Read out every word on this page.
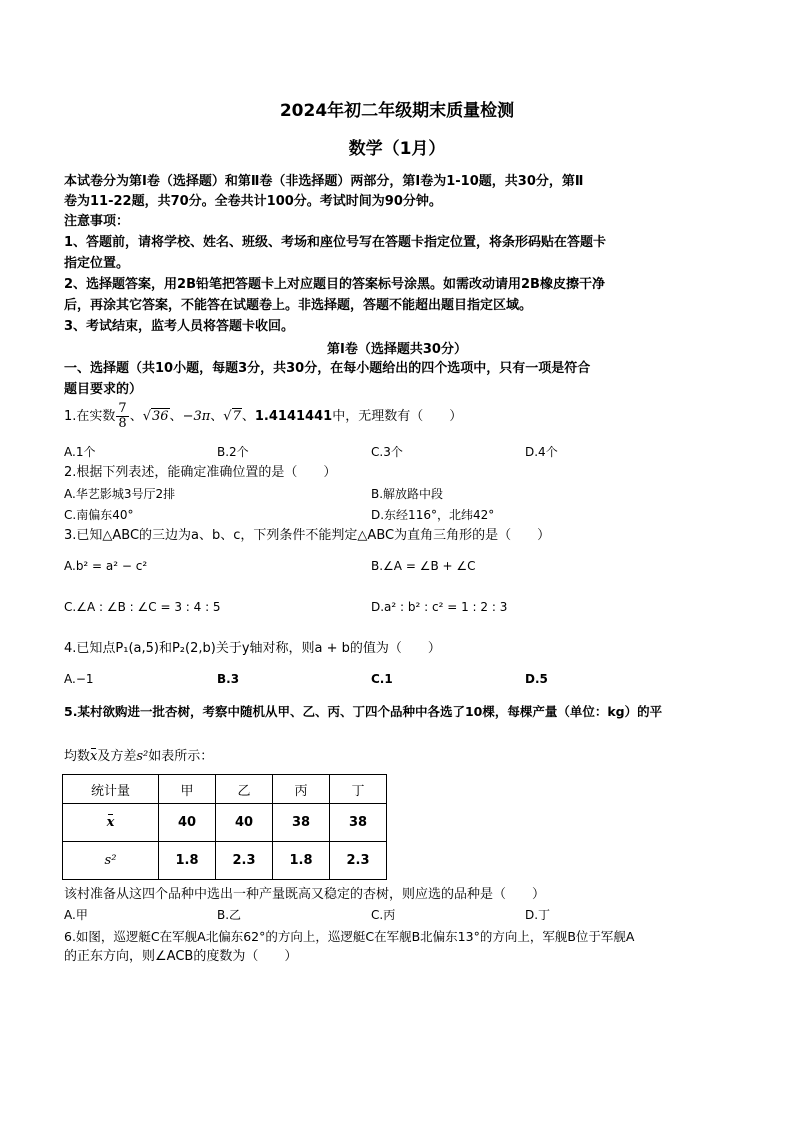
2024年初二年级期末质量检测
数学（1月）
本试卷分为第Ⅰ卷（选择题）和第Ⅱ卷（非选择题）两部分，第Ⅰ卷为1-10题，共30分，第Ⅱ
卷为11-22题，共70分。全卷共计100分。考试时间为90分钟。
注意事项：
1、答题前，请将学校、姓名、班级、考场和座位号写在答题卡指定位置，将条形码贴在答题卡
指定位置。
2、选择题答案，用2B铅笔把答题卡上对应题目的答案标号涂黑。如需改动请用2B橡皮擦干净
后，再涂其它答案，不能答在试题卷上。非选择题，答题不能超出题目指定区域。
3、考试结束，监考人员将答题卡收回。
第Ⅰ卷（选择题共30分）
一、选择题（共10小题，每题3分，共30分，在每小题给出的四个选项中，只有一项是符合
题目要求的）
1.在实数 $\frac{7}{8}$ 、√36、−3π、√7、1.4141441中，无理数有（　　）
A.1个	B.2个	C.3个	D.4个
2.根据下列表述，能确定准确位置的是（　　）
A.华艺影城3号厅2排	B.解放路中段
C.南偏东40°	D.东经116°，北纬42°
3.已知△ABC的三边为a、b、c，下列条件不能判定△ABC为直角三角形的是（　　）
A.b² = a² − c²	B.∠A = ∠B + ∠C
C.∠A : ∠B : ∠C = 3 : 4 : 5	D.a² : b² : c² = 1 : 2 : 3
4.已知点P₁(a,5)和P₂(2,b)关于y轴对称，则a + b的值为（　　）
A.−1	B.3	C.1	D.5
5.某村欲购进一批杏树，考察中随机从甲、乙、丙、丁四个品种中各选了10棵，每棵产量（单位：kg）的平
均数x及方差s²如表所示：
统计量	甲	乙	丙	丁
x	40	40	38	38
s²	1.8	2.3	1.8	2.3
该村准备从这四个品种中选出一种产量既高又稳定的杏树，则应选的品种是（　　）
A.甲	B.乙	C.丙	D.丁
6.如图，巡逻艇C在军舰A北偏东62°的方向上，巡逻艇C在军舰B北偏东13°的方向上，军舰B位于军舰A
的正东方向，则∠ACB的度数为（　　）
